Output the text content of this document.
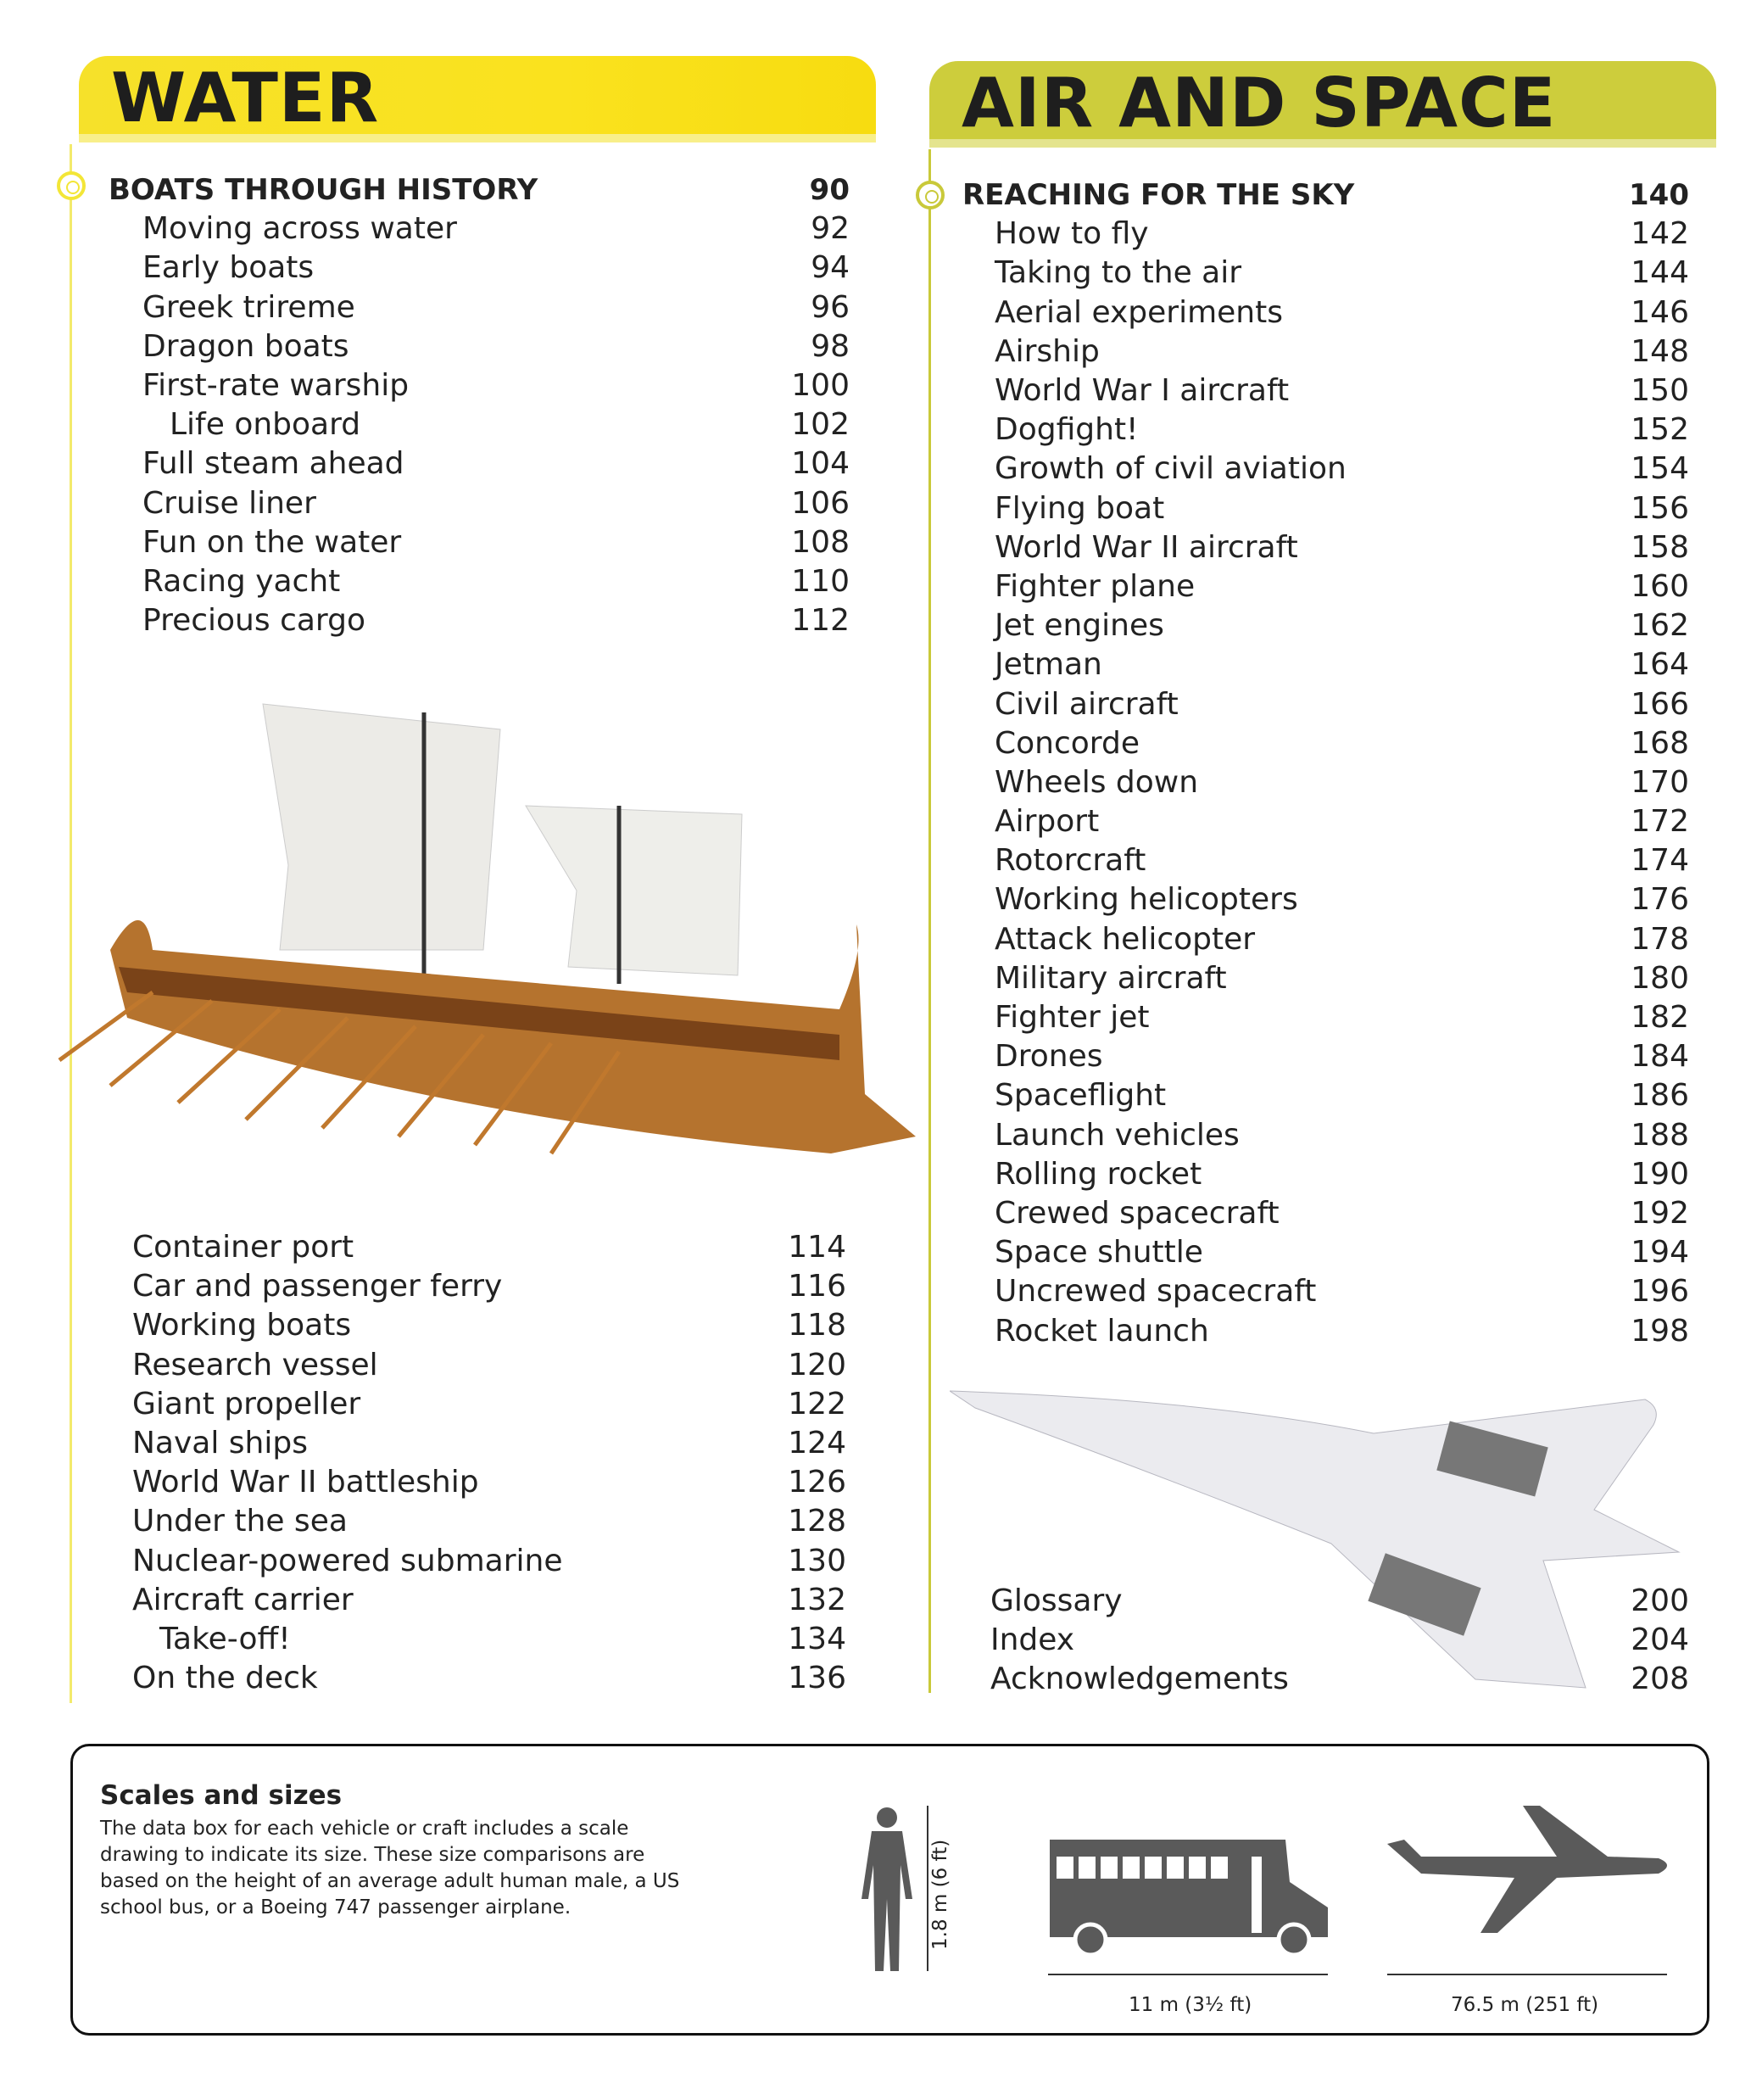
WATER	AIR AND SPACE
BOATS THROUGH HISTORY	90
Moving across water	92
Early boats	94
Greek trireme	96
Dragon boats	98
First-rate warship	100
Life onboard	102
Full steam ahead	104
Cruise liner	106
Fun on the water	108
Racing yacht	110
Precious cargo	112
Container port	114
Car and passenger ferry	116
Working boats	118
Research vessel	120
Giant propeller	122
Naval ships	124
World War II battleship	126
Under the sea	128
Nuclear-powered submarine	130
Aircraft carrier	132
Take-off!	134
On the deck	136
REACHING FOR THE SKY	140
How to fly	142
Taking to the air	144
Aerial experiments	146
Airship	148
World War I aircraft	150
Dogfight!	152
Growth of civil aviation	154
Flying boat	156
World War II aircraft	158
Fighter plane	160
Jet engines	162
Jetman	164
Civil aircraft	166
Concorde	168
Wheels down	170
Airport	172
Rotorcraft	174
Working helicopters	176
Attack helicopter	178
Military aircraft	180
Fighter jet	182
Drones	184
Spaceflight	186
Launch vehicles	188
Rolling rocket	190
Crewed spacecraft	192
Space shuttle	194
Uncrewed spacecraft	196
Rocket launch	198
Glossary	200
Index	204
Acknowledgements	208
Scales and sizes

The data box for each vehicle or craft includes a scale drawing to indicate its size. These size comparisons are based on the height of an average adult human male, a US school bus, or a Boeing 747 passenger airplane.	1.8 m (6 ft)
11 m (3½ ft)	76.5 m (251 ft)
